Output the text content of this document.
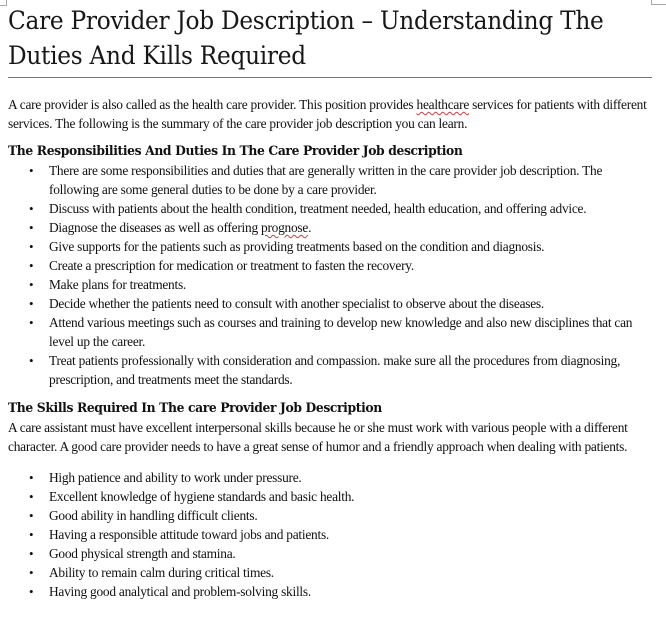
Care Provider Job Description – Understanding The Duties And Kills Required

A care provider is also called as the health care provider. This position provides healthcare services for patients with different services. The following is the summary of the care provider job description you can learn.

The Responsibilities And Duties In The Care Provider Job description
• There are some responsibilities and duties that are generally written in the care provider job description. The following are some general duties to be done by a care provider.
• Discuss with patients about the health condition, treatment needed, health education, and offering advice.
• Diagnose the diseases as well as offering prognose.
• Give supports for the patients such as providing treatments based on the condition and diagnosis.
• Create a prescription for medication or treatment to fasten the recovery.
• Make plans for treatments.
• Decide whether the patients need to consult with another specialist to observe about the diseases.
• Attend various meetings such as courses and training to develop new knowledge and also new disciplines that can level up the career.
• Treat patients professionally with consideration and compassion. make sure all the procedures from diagnosing, prescription, and treatments meet the standards.
The Skills Required In The care Provider Job Description

A care assistant must have excellent interpersonal skills because he or she must work with various people with a different character. A good care provider needs to have a great sense of humor and a friendly approach when dealing with patients.

• High patience and ability to work under pressure.
• Excellent knowledge of hygiene standards and basic health.
• Good ability in handling difficult clients.
• Having a responsible attitude toward jobs and patients.
• Good physical strength and stamina.
• Ability to remain calm during critical times.
• Having good analytical and problem-solving skills.
